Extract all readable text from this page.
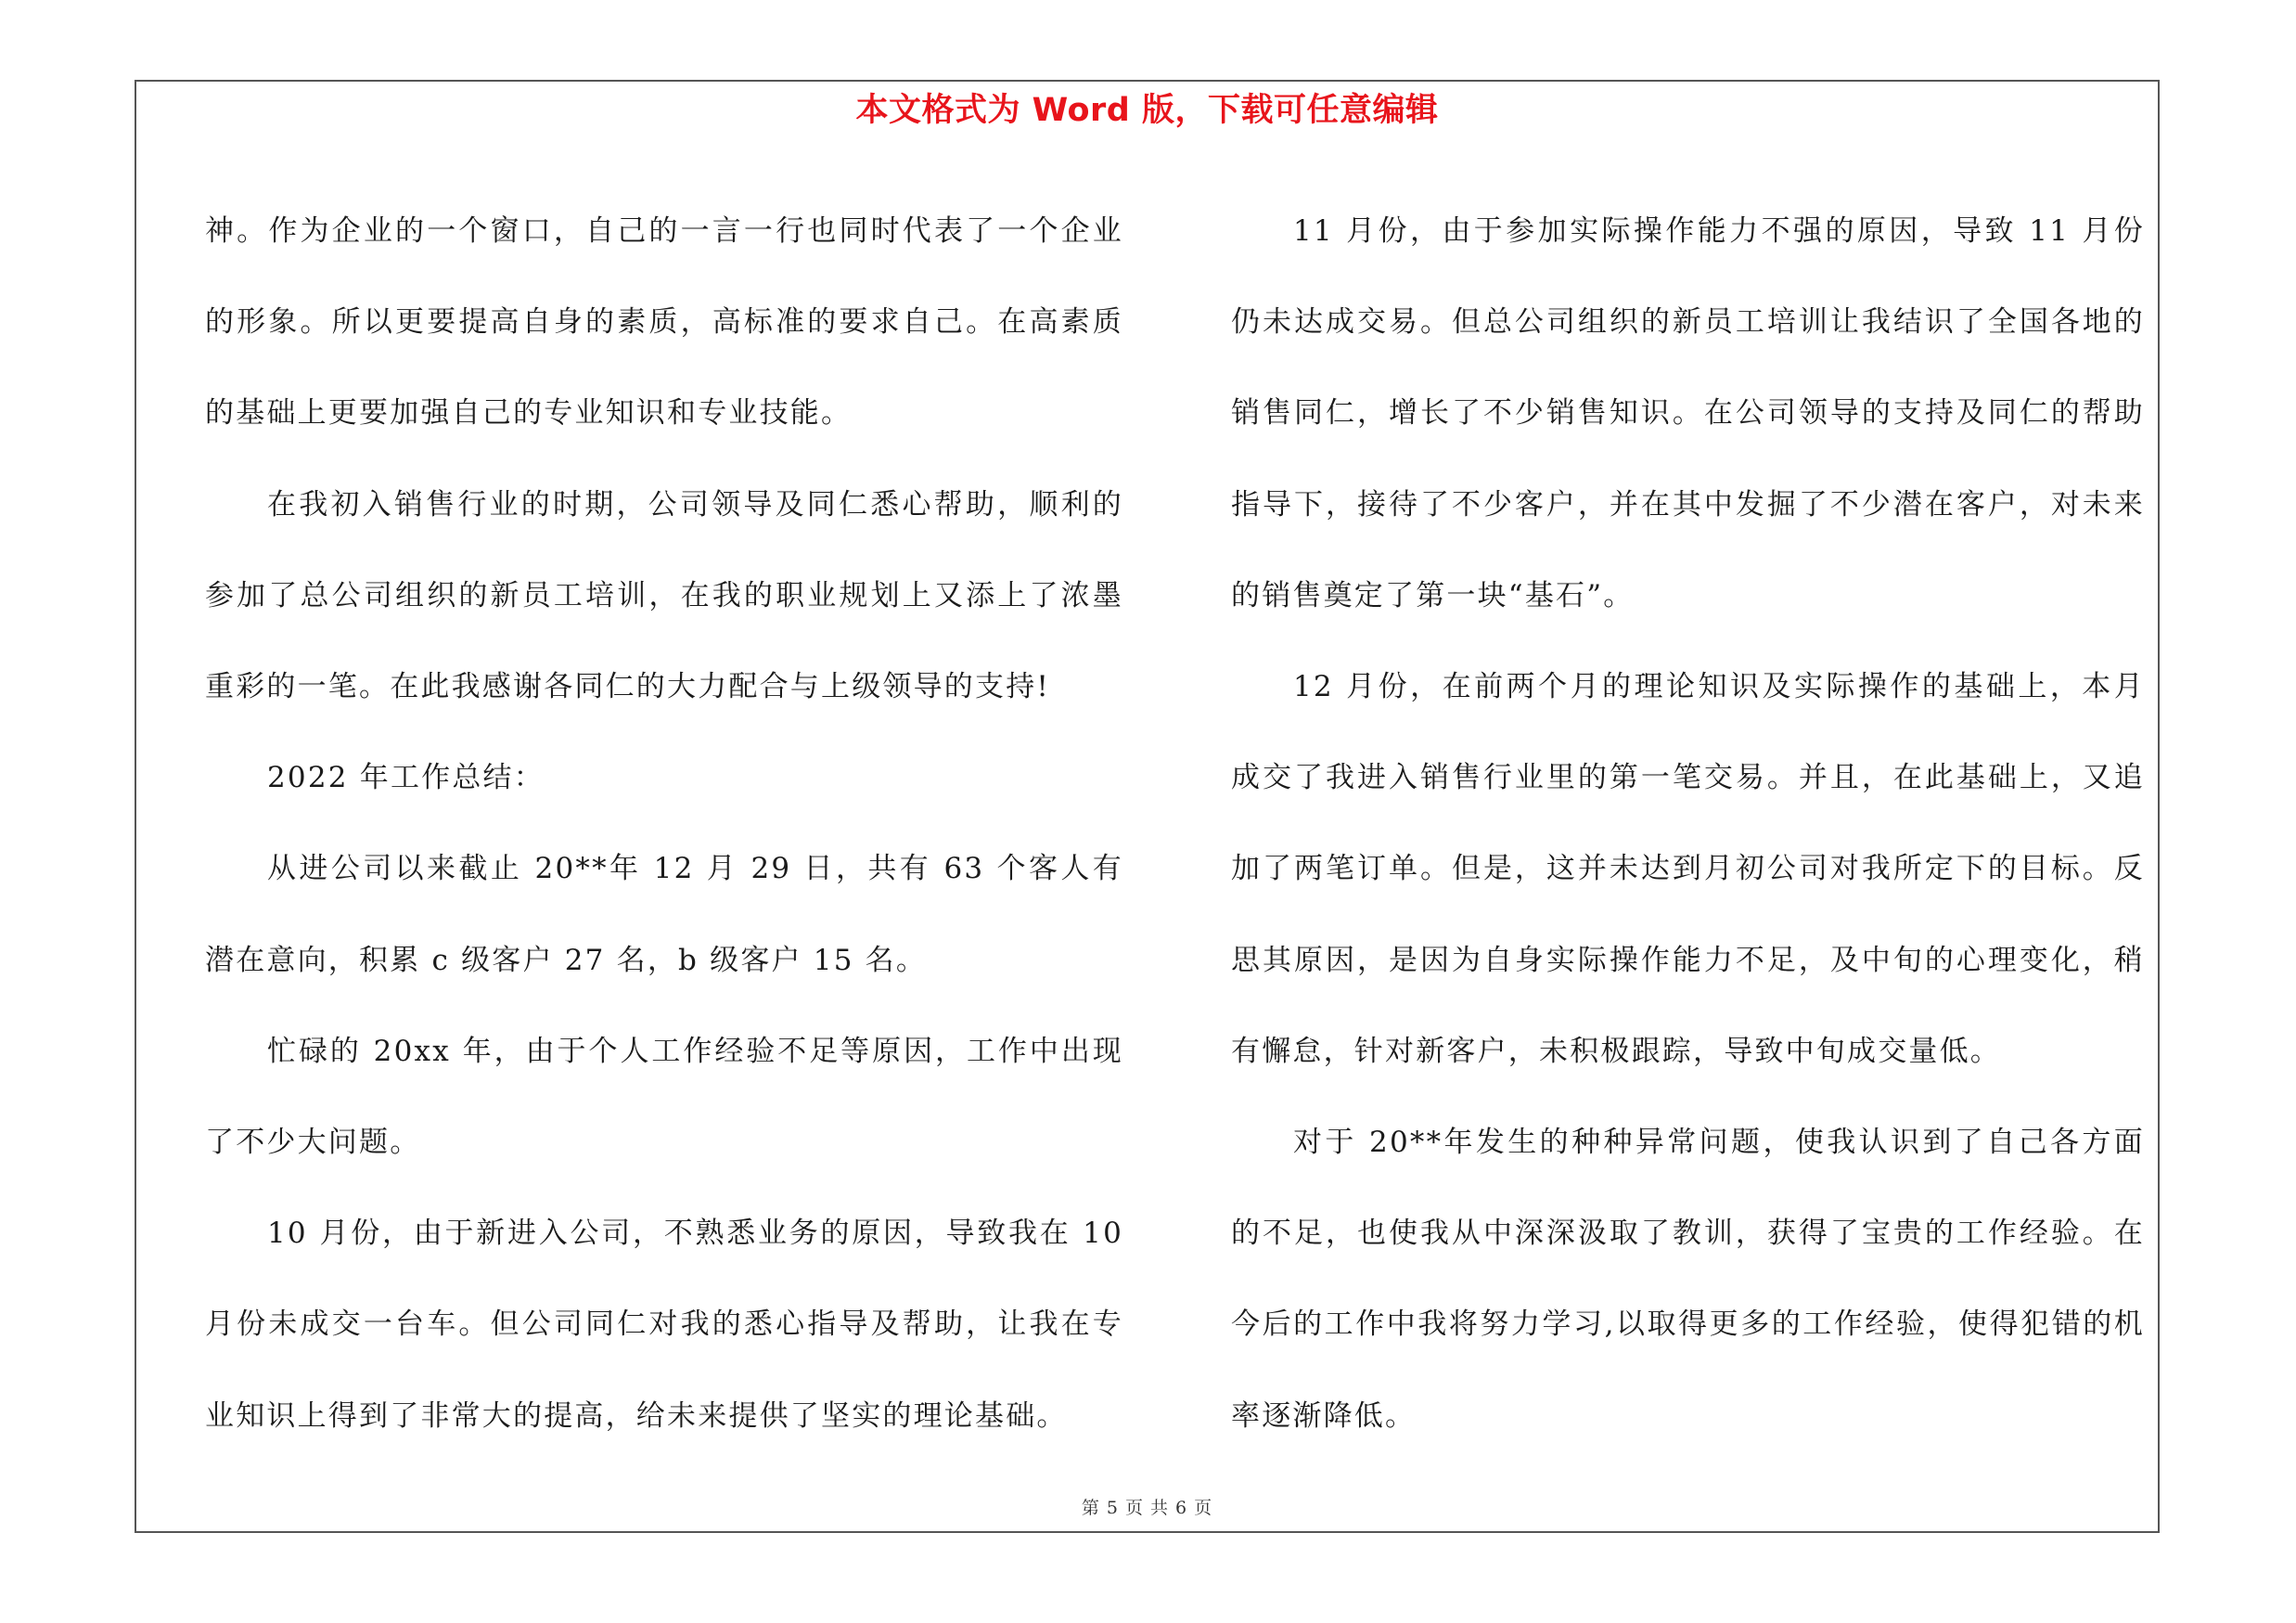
本文格式为 Word 版，下载可任意编辑

神。作为企业的一个窗口，自己的一言一行也同时代表了一个企业的形象。所以更要提高自身的素质，高标准的要求自己。在高素质的基础上更要加强自己的专业知识和专业技能。

在我初入销售行业的时期，公司领导及同仁悉心帮助，顺利的参加了总公司组织的新员工培训，在我的职业规划上又添上了浓墨重彩的一笔。在此我感谢各同仁的大力配合与上级领导的支持!

2022 年工作总结：

从进公司以来截止 20**年 12 月 29 日，共有 63 个客人有潜在意向，积累 c 级客户 27 名，b 级客户 15 名。

忙碌的 20xx 年，由于个人工作经验不足等原因，工作中出现了不少大问题。

10 月份，由于新进入公司，不熟悉业务的原因，导致我在 10 月份未成交一台车。但公司同仁对我的悉心指导及帮助，让我在专业知识上得到了非常大的提高，给未来提供了坚实的理论基础。

11 月份，由于参加实际操作能力不强的原因，导致 11 月份仍未达成交易。但总公司组织的新员工培训让我结识了全国各地的销售同仁，增长了不少销售知识。在公司领导的支持及同仁的帮助指导下，接待了不少客户，并在其中发掘了不少潜在客户，对未来的销售奠定了第一块“基石”。

12 月份，在前两个月的理论知识及实际操作的基础上，本月成交了我进入销售行业里的第一笔交易。并且，在此基础上，又追加了两笔订单。但是，这并未达到月初公司对我所定下的目标。反思其原因，是因为自身实际操作能力不足，及中旬的心理变化，稍有懈怠，针对新客户，未积极跟踪，导致中旬成交量低。

对于 20**年发生的种种异常问题，使我认识到了自己各方面的不足，也使我从中深深汲取了教训，获得了宝贵的工作经验。在今后的工作中我将努力学习,以取得更多的工作经验，使得犯错的机率逐渐降低。

第 5 页 共 6 页
